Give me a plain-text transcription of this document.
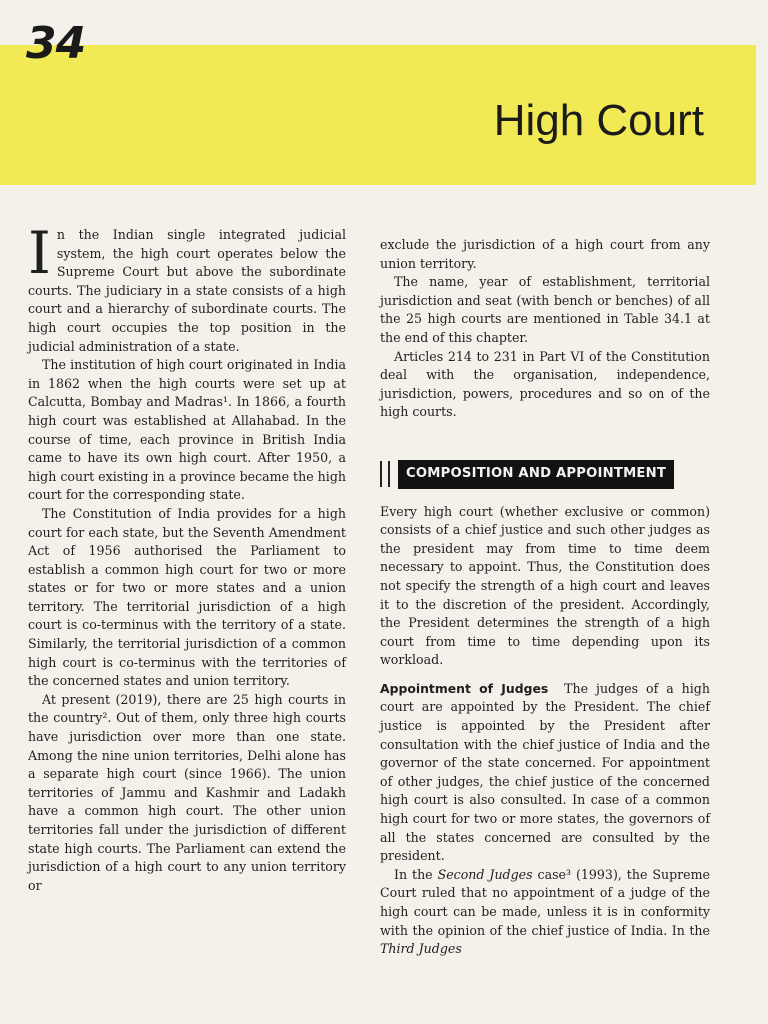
34
High Court

In the Indian single integrated judicial system, the high court operates below the Supreme Court but above the subordinate courts. The judiciary in a state consists of a high court and a hierarchy of subordinate courts. The high court occupies the top position in the judicial administration of a state.

The institution of high court originated in India in 1862 when the high courts were set up at Calcutta, Bombay and Madras¹. In 1866, a fourth high court was established at Allahabad. In the course of time, each province in British India came to have its own high court. After 1950, a high court existing in a province became the high court for the corresponding state.

The Constitution of India provides for a high court for each state, but the Seventh Amendment Act of 1956 authorised the Parliament to establish a common high court for two or more states or for two or more states and a union territory. The territorial jurisdiction of a high court is co-terminus with the territory of a state. Similarly, the territorial jurisdiction of a common high court is co-terminus with the territories of the concerned states and union territory.

At present (2019), there are 25 high courts in the country². Out of them, only three high courts have jurisdiction over more than one state. Among the nine union territories, Delhi alone has a separate high court (since 1966). The union territories of Jammu and Kashmir and Ladakh have a common high court. The other union territories fall under the jurisdiction of different state high courts. The Parliament can extend the jurisdiction of a high court to any union territory or

exclude the jurisdiction of a high court from any union territory.

The name, year of establishment, territorial jurisdiction and seat (with bench or benches) of all the 25 high courts are mentioned in Table 34.1 at the end of this chapter.

Articles 214 to 231 in Part VI of the Constitution deal with the organisation, independence, jurisdiction, powers, procedures and so on of the high courts.

COMPOSITION AND APPOINTMENT

Every high court (whether exclusive or common) consists of a chief justice and such other judges as the president may from time to time deem necessary to appoint. Thus, the Constitution does not specify the strength of a high court and leaves it to the discretion of the president. Accordingly, the President determines the strength of a high court from time to time depending upon its workload.

Appointment of Judges The judges of a high court are appointed by the President. The chief justice is appointed by the President after consultation with the chief justice of India and the governor of the state concerned. For appointment of other judges, the chief justice of the concerned high court is also consulted. In case of a common high court for two or more states, the governors of all the states concerned are consulted by the president.

In the Second Judges case³ (1993), the Supreme Court ruled that no appointment of a judge of the high court can be made, unless it is in conformity with the opinion of the chief justice of India. In the Third Judges
